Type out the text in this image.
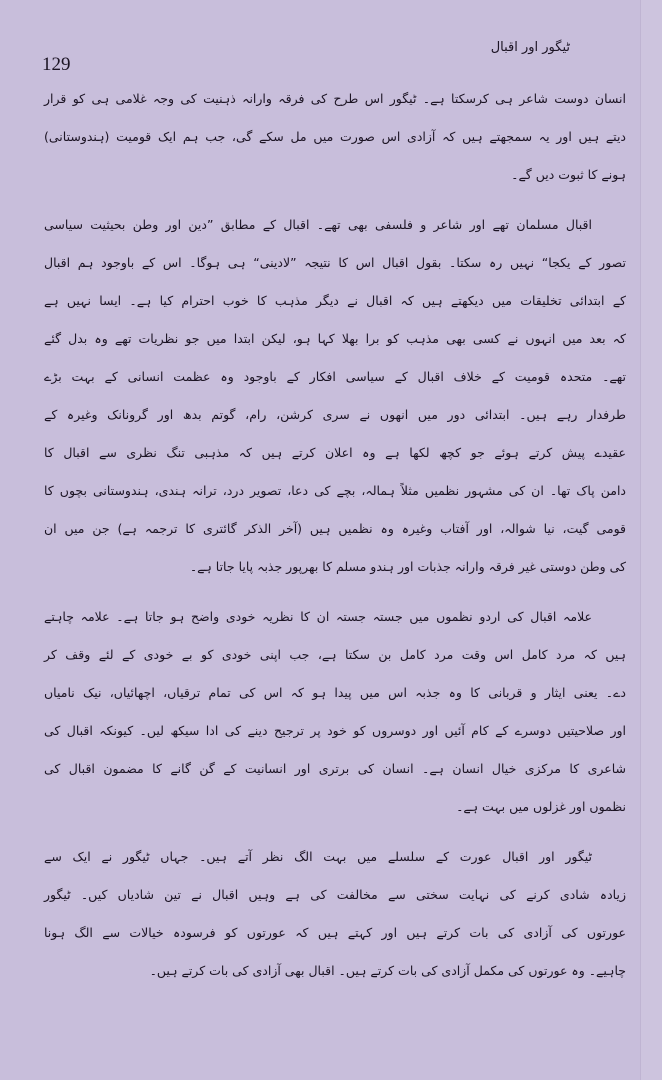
ٹیگور اور اقبال
129
انسان دوست شاعر ہی کرسکتا ہے۔ ٹیگور اس طرح کی فرقہ وارانہ ذہنیت کی وجہ غلامی ہی کو قرار
دیتے ہیں اور یہ سمجھتے ہیں کہ آزادی اس صورت میں مل سکے گی، جب ہم ایک قومیت (ہندوستانی)
ہونے کا ثبوت دیں گے۔
اقبال مسلمان تھے اور شاعر و فلسفی بھی تھے۔ اقبال کے مطابق ”دین اور وطن بحیثیت سیاسی
تصور کے یکجا“ نہیں رہ سکتا۔ بقول اقبال اس کا نتیجہ ”لادینی“ ہی ہوگا۔ اس کے باوجود ہم اقبال
کے ابتدائی تخلیقات میں دیکھتے ہیں کہ اقبال نے دیگر مذہب کا خوب احترام کیا ہے۔ ایسا نہیں ہے
کہ بعد میں انہوں نے کسی بھی مذہب کو برا بھلا کہا ہو، لیکن ابتدا میں جو نظریات تھے وہ بدل گئے
تھے۔ متحدہ قومیت کے خلاف اقبال کے سیاسی افکار کے باوجود وہ عظمت انسانی کے بہت بڑے
طرفدار رہے ہیں۔ ابتدائی دور میں انھوں نے سری کرشن، رام، گوتم بدھ اور گرونانک وغیرہ کے
عقیدے پیش کرتے ہوئے جو کچھ لکھا ہے وہ اعلان کرتے ہیں کہ مذہبی تنگ نظری سے اقبال کا
دامن پاک تھا۔ ان کی مشہور نظمیں مثلاً ہمالہ، بچے کی دعا، تصویر درد، ترانہ ہندی، ہندوستانی بچوں کا
قومی گیت، نیا شوالہ، اور آفتاب وغیرہ وہ نظمیں ہیں (آخر الذکر گائتری کا ترجمہ ہے) جن میں ان
کی وطن دوستی غیر فرقہ وارانہ جذبات اور ہندو مسلم کا بھرپور جذبہ پایا جاتا ہے۔
علامہ اقبال کی اردو نظموں میں جستہ جستہ ان کا نظریہ خودی واضح ہو جاتا ہے۔ علامہ چاہتے
ہیں کہ مرد کامل اس وقت مرد کامل بن سکتا ہے، جب اپنی خودی کو بے خودی کے لئے وقف کر
دے۔ یعنی ایثار و قربانی کا وہ جذبہ اس میں پیدا ہو کہ اس کی تمام ترقیاں، اچھائیاں، نیک نامیاں
اور صلاحیتیں دوسرے کے کام آئیں اور دوسروں کو خود پر ترجیح دینے کی ادا سیکھ لیں۔ کیونکہ اقبال کی
شاعری کا مرکزی خیال انسان ہے۔ انسان کی برتری اور انسانیت کے گن گانے کا مضمون اقبال کی
نظموں اور غزلوں میں بہت ہے۔
ٹیگور اور اقبال عورت کے سلسلے میں بہت الگ نظر آتے ہیں۔ جہاں ٹیگور نے ایک سے
زیادہ شادی کرنے کی نہایت سختی سے مخالفت کی ہے وہیں اقبال نے تین شادیاں کیں۔ ٹیگور
عورتوں کی آزادی کی بات کرتے ہیں اور کہتے ہیں کہ عورتوں کو فرسودہ خیالات سے الگ ہونا
چاہیے۔ وہ عورتوں کی مکمل آزادی کی بات کرتے ہیں۔ اقبال بھی آزادی کی بات کرتے ہیں۔
